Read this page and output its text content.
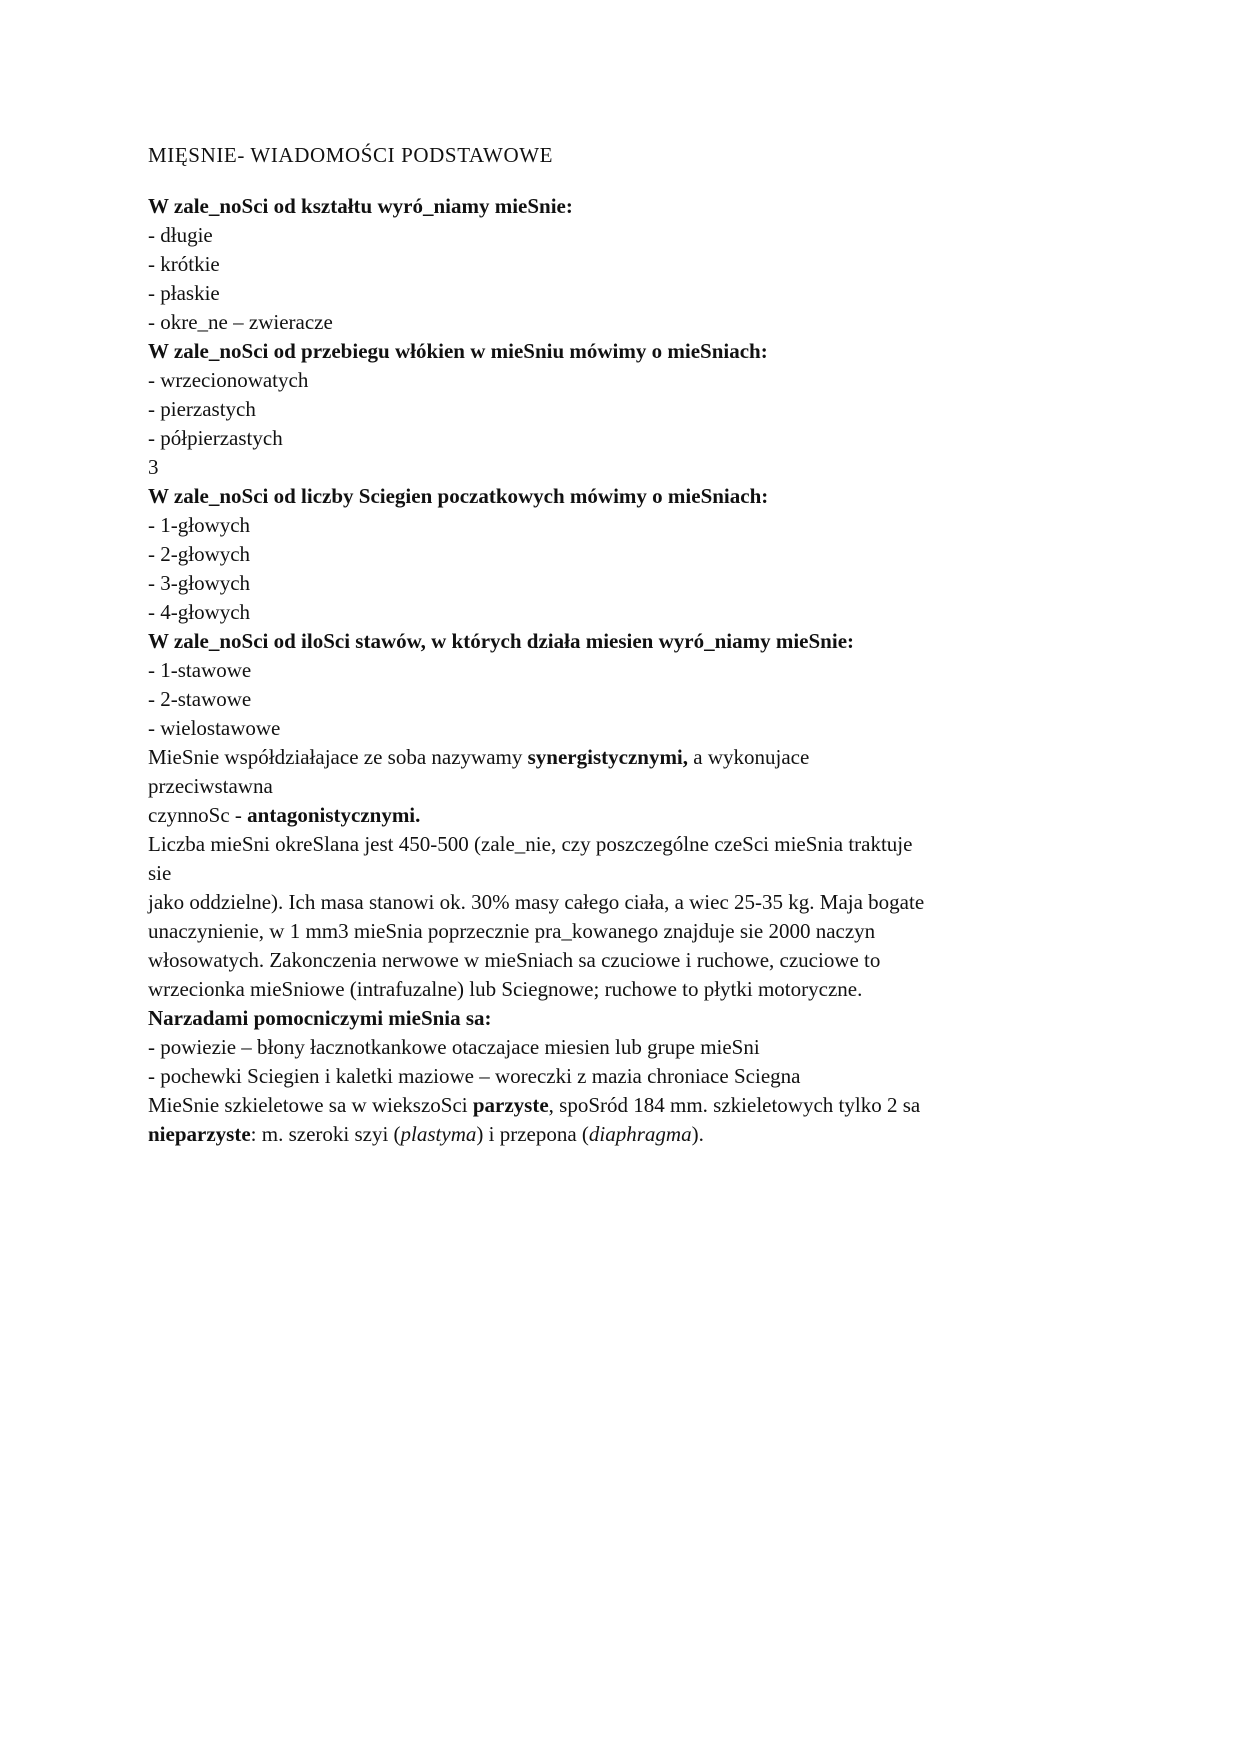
MIĘSNIE- WIADOMOŚCI PODSTAWOWE
W zale_noSci od kształtu wyró_niamy mieSnie:
- długie
- krótkie
- płaskie
- okre_ne – zwieracze
W zale_noSci od przebiegu włókien w mieSniu mówimy o mieSniach:
- wrzecionowatych
- pierzastych
- półpierzastych
3
W zale_noSci od liczby Sciegien poczatkowych mówimy o mieSniach:
- 1-głowych
- 2-głowych
- 3-głowych
- 4-głowych
W zale_noSci od iloSci stawów, w których działa miesien wyró_niamy mieSnie:
- 1-stawowe
- 2-stawowe
- wielostawowe
MieSnie współdziałajace ze soba nazywamy synergistycznymi, a wykonujace
przeciwstawna
czynnoSc - antagonistycznymi.
Liczba mieSni okreSlana jest 450-500 (zale_nie, czy poszczególne czeSci mieSnia traktuje
sie
jako oddzielne). Ich masa stanowi ok. 30% masy całego ciała, a wiec 25-35 kg. Maja bogate
unaczynienie, w 1 mm3 mieSnia poprzecznie pra_kowanego znajduje sie 2000 naczyn
włosowatych. Zakonczenia nerwowe w mieSniach sa czuciowe i ruchowe, czuciowe to
wrzecionka mieSniowe (intrafuzalne) lub Sciegnowe; ruchowe to płytki motoryczne.
Narzadami pomocniczymi mieSnia sa:
- powiezie – błony łacznotkankowe otaczajace miesien lub grupe mieSni
- pochewki Sciegien i kaletki maziowe – woreczki z mazia chroniace Sciegna
MieSnie szkieletowe sa w wiekszoSci parzyste, spoSród 184 mm. szkieletowych tylko 2 sa
nieparzyste: m. szeroki szyi (plastyma) i przepona (diaphragma).
